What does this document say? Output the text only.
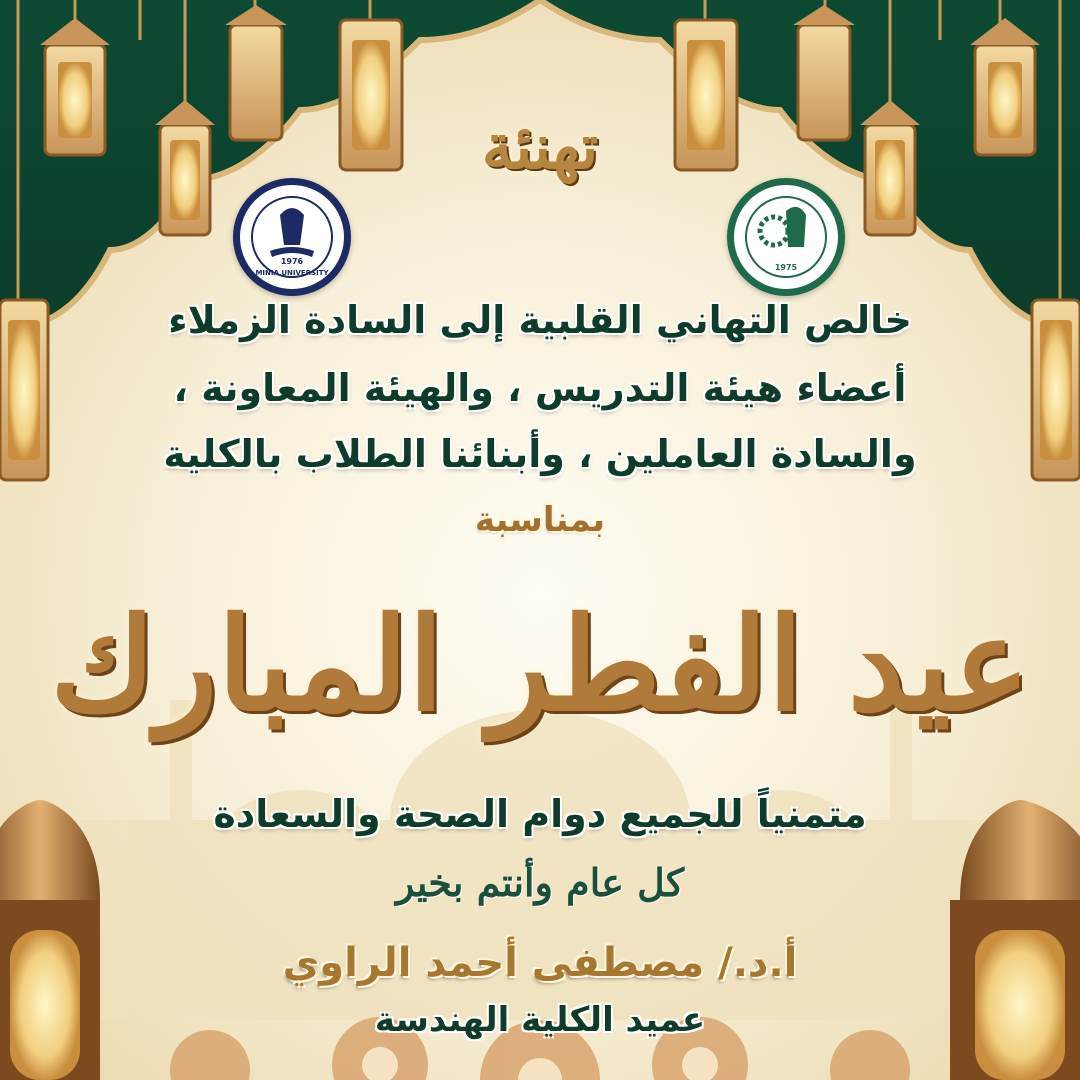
تهنئة
1976
MINIA UNIVERSITY
1975
خالص التهاني القلبية إلى السادة الزملاء
أعضاء هيئة التدريس ، والهيئة المعاونة ،
والسادة العاملين ، وأبنائنا الطلاب بالكلية
بمناسبة
عيد الفطر المبارك
متمنياً للجميع دوام الصحة والسعادة
كل عام وأنتم بخير
أ.د./ مصطفى أحمد الراوي
عميد الكلية الهندسة
